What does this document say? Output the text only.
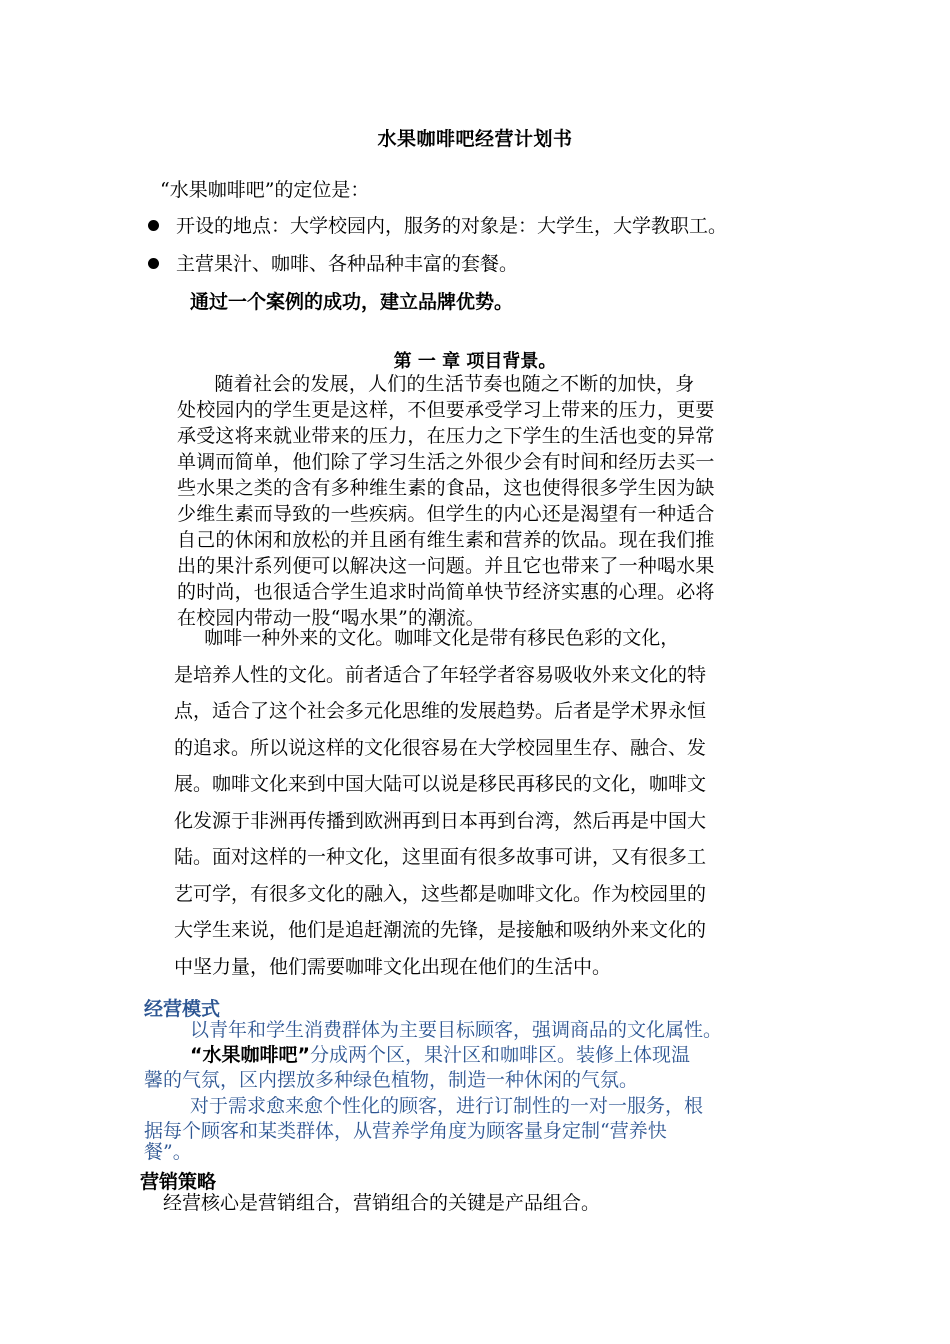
水果咖啡吧经营计划书
“水果咖啡吧”的定位是：
开设的地点：大学校园内，服务的对象是：大学生，大学教职工。
主营果汁、咖啡、各种品种丰富的套餐。
通过一个案例的成功，建立品牌优势。
第 一 章 项目背景。
随着社会的发展，人们的生活节奏也随之不断的加快，身
处校园内的学生更是这样，不但要承受学习上带来的压力，更要
承受这将来就业带来的压力，在压力之下学生的生活也变的异常
单调而简单，他们除了学习生活之外很少会有时间和经历去买一
些水果之类的含有多种维生素的食品，这也使得很多学生因为缺
少维生素而导致的一些疾病。但学生的内心还是渴望有一种适合
自己的休闲和放松的并且函有维生素和营养的饮品。现在我们推
出的果汁系列便可以解决这一问题。并且它也带来了一种喝水果
的时尚，也很适合学生追求时尚简单快节经济实惠的心理。必将
在校园内带动一股“喝水果”的潮流。
咖啡一种外来的文化。咖啡文化是带有移民色彩的文化，
是培养人性的文化。前者适合了年轻学者容易吸收外来文化的特
点，适合了这个社会多元化思维的发展趋势。后者是学术界永恒
的追求。所以说这样的文化很容易在大学校园里生存、融合、发
展。咖啡文化来到中国大陆可以说是移民再移民的文化，咖啡文
化发源于非洲再传播到欧洲再到日本再到台湾，然后再是中国大
陆。面对这样的一种文化，这里面有很多故事可讲，又有很多工
艺可学，有很多文化的融入，这些都是咖啡文化。作为校园里的
大学生来说，他们是追赶潮流的先锋，是接触和吸纳外来文化的
中坚力量，他们需要咖啡文化出现在他们的生活中。
经营模式
以青年和学生消费群体为主要目标顾客，强调商品的文化属性。
“水果咖啡吧”分成两个区，果汁区和咖啡区。装修上体现温
馨的气氛，区内摆放多种绿色植物，制造一种休闲的气氛。
对于需求愈来愈个性化的顾客，进行订制性的一对一服务，根
据每个顾客和某类群体，从营养学角度为顾客量身定制“营养快
餐”。
营销策略
经营核心是营销组合，营销组合的关键是产品组合。
